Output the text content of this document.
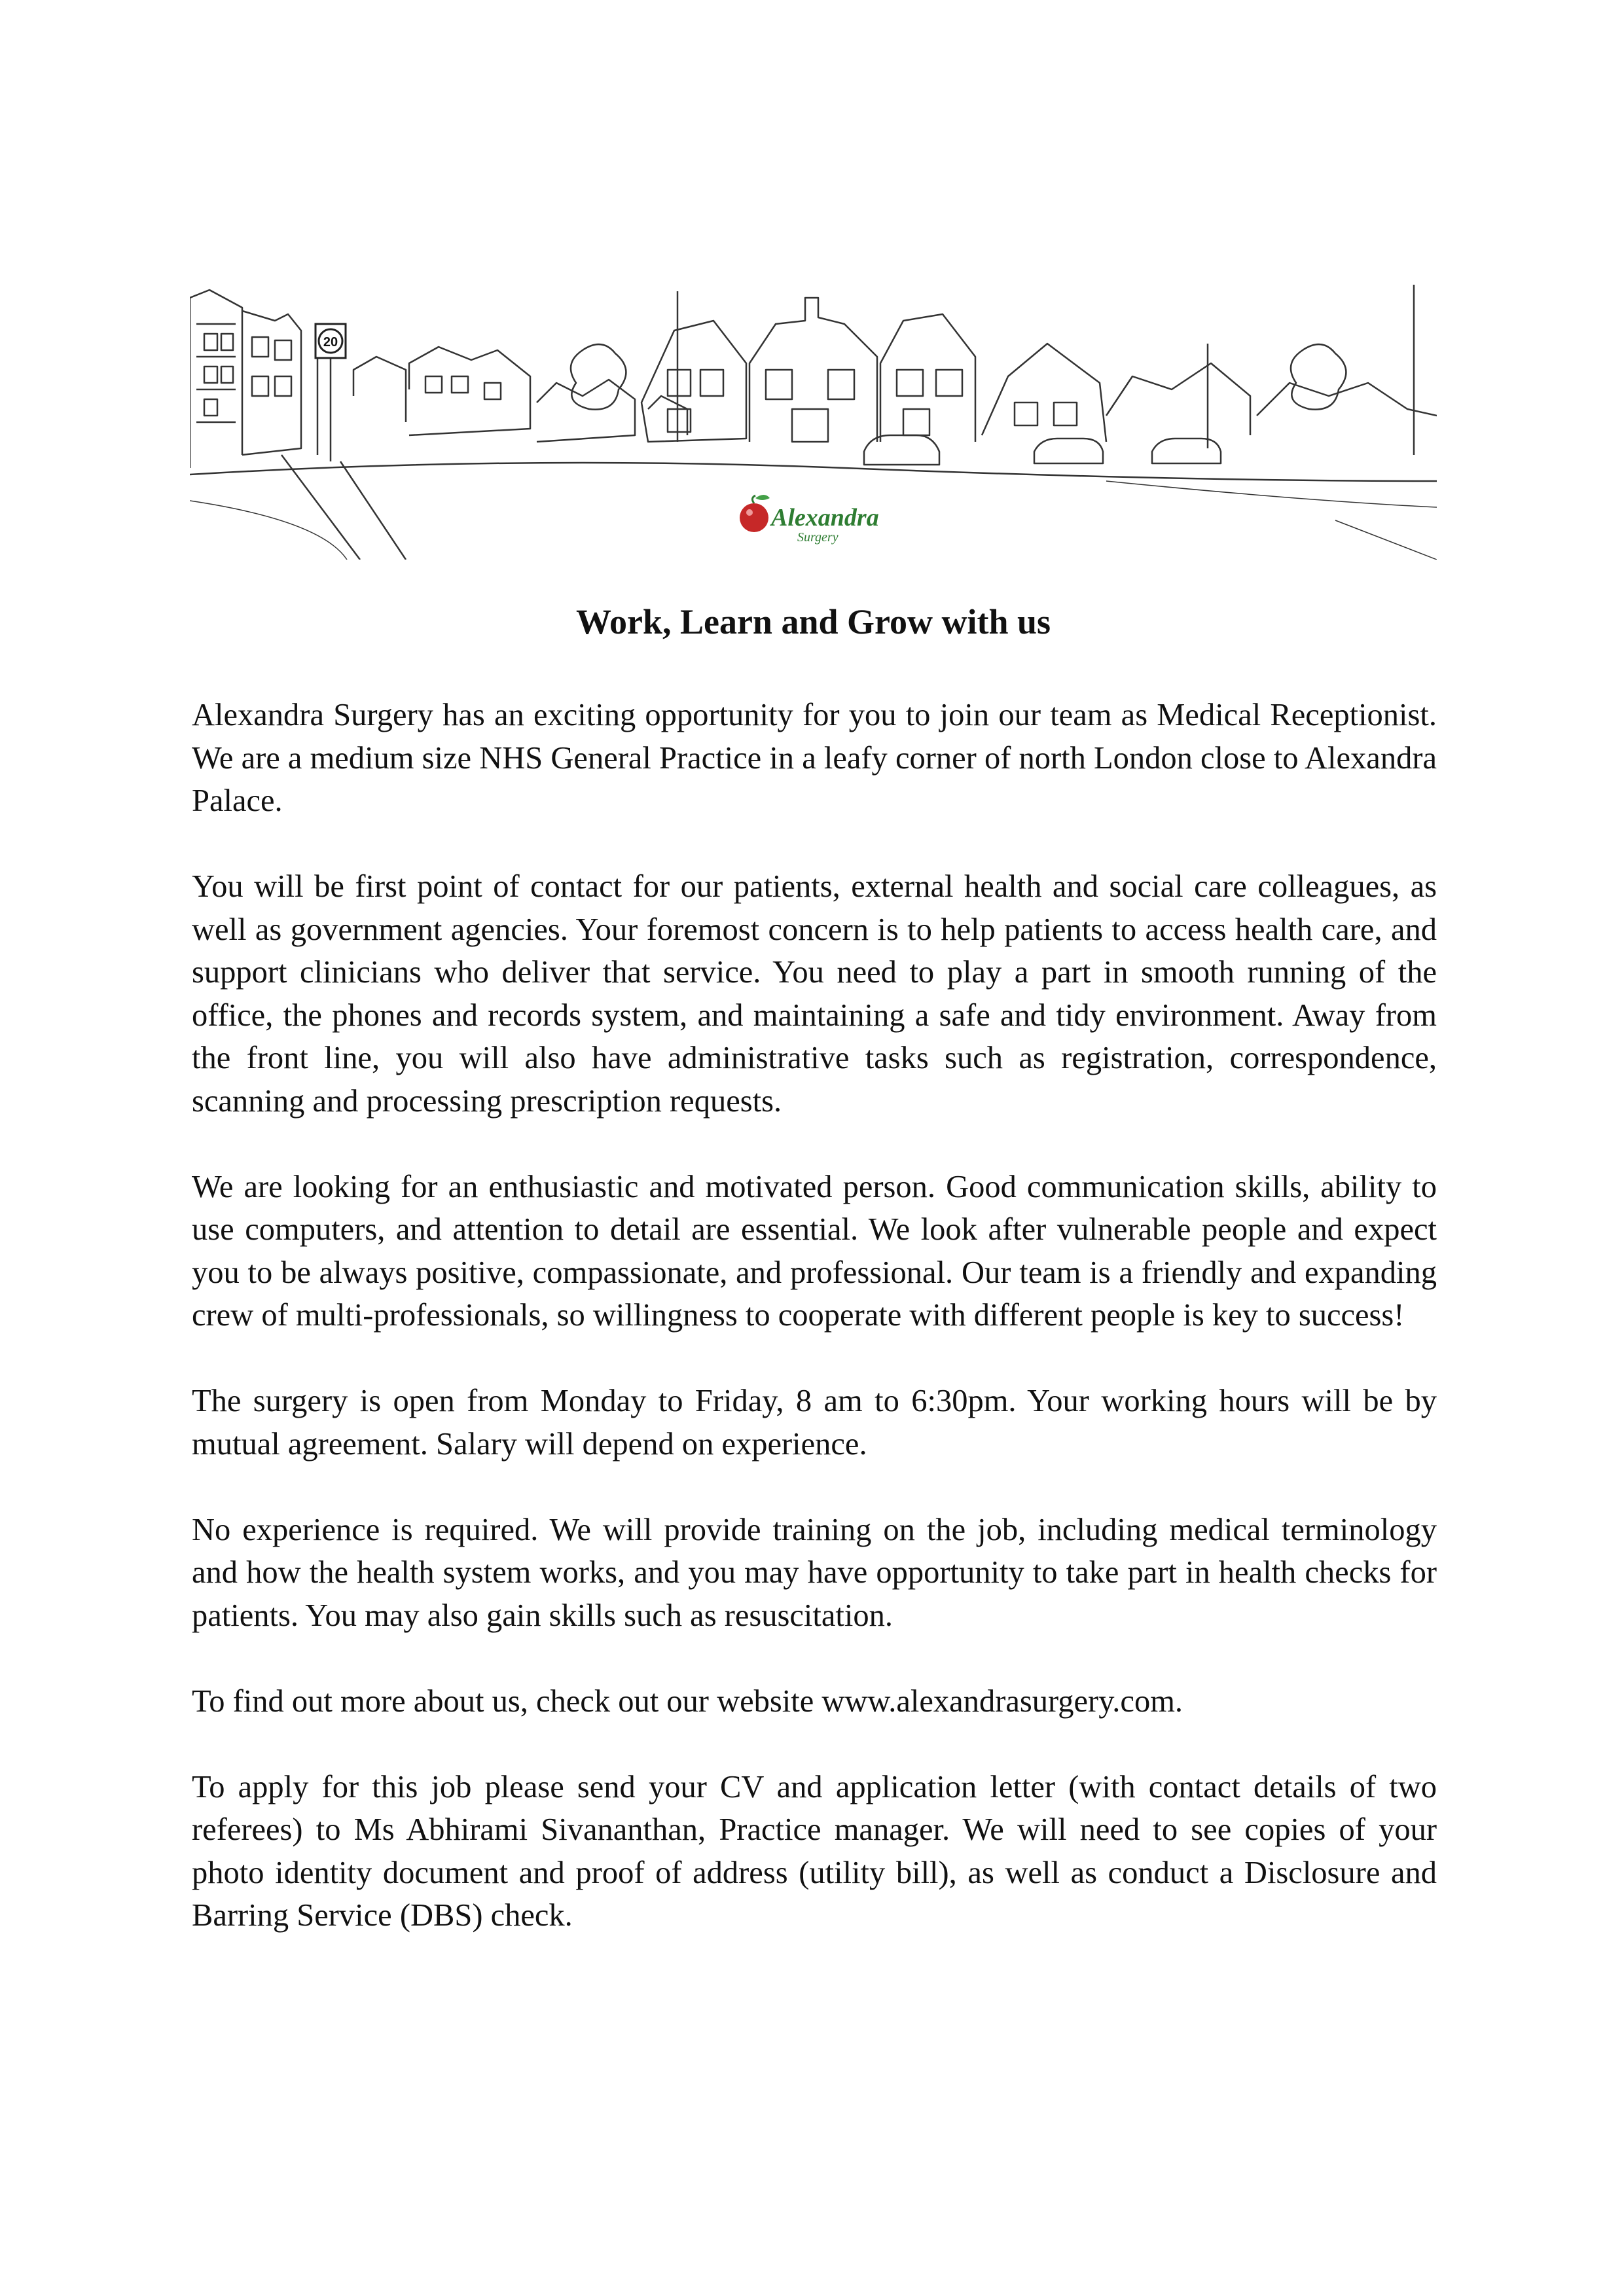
20
Alexandra
Surgery
Work, Learn and Grow with us

Alexandra Surgery has an exciting opportunity for you to join our team as Medical Receptionist. We are a medium size NHS General Practice in a leafy corner of north London close to Alexandra Palace.

You will be first point of contact for our patients, external health and social care colleagues, as well as government agencies. Your foremost concern is to help patients to access health care, and support clinicians who deliver that service. You need to play a part in smooth running of the office, the phones and records system, and maintaining a safe and tidy environment. Away from the front line, you will also have administrative tasks such as registration, correspondence, scanning and processing prescription requests.

We are looking for an enthusiastic and motivated person. Good communication skills, ability to use computers, and attention to detail are essential. We look after vulnerable people and expect you to be always positive, compassionate, and professional. Our team is a friendly and expanding crew of multi-professionals, so willingness to cooperate with different people is key to success!

The surgery is open from Monday to Friday, 8 am to 6:30pm. Your working hours will be by mutual agreement. Salary will depend on experience.

No experience is required. We will provide training on the job, including medical terminology and how the health system works, and you may have opportunity to take part in health checks for patients. You may also gain skills such as resuscitation.

To find out more about us, check out our website www.alexandrasurgery.com.

To apply for this job please send your CV and application letter (with contact details of two referees) to Ms Abhirami Sivananthan, Practice manager. We will need to see copies of your photo identity document and proof of address (utility bill), as well as conduct a Disclosure and Barring Service (DBS) check.
